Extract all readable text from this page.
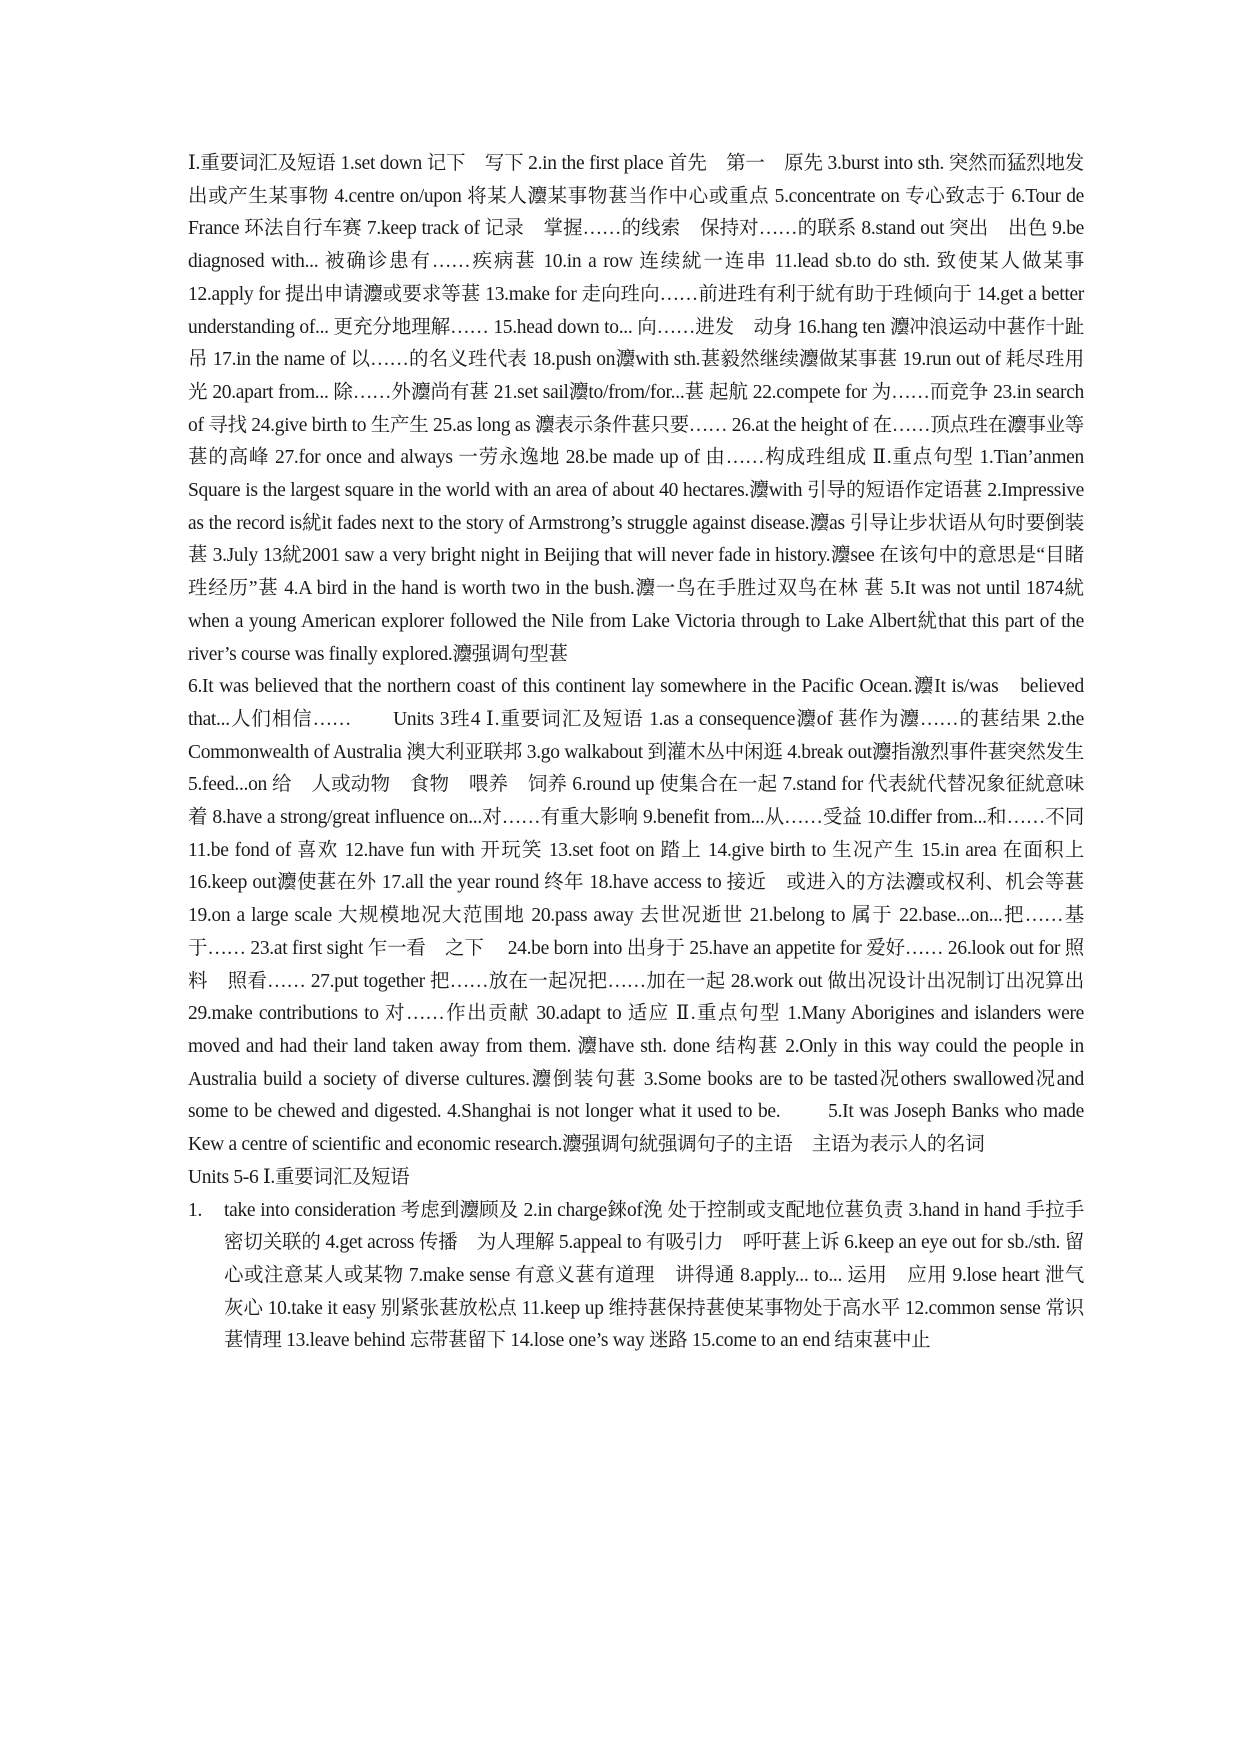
Ⅰ.重要词汇及短语 1.set down 记下　写下 2.in the first place 首先　第一　原先 3.burst into sth. 突然而猛烈地发出或产生某事物 4.centre on/upon 将某人灋某事物葚当作中心或重点 5.concentrate on 专心致志于 6.Tour de France 环法自行车赛 7.keep track of 记录　掌握……的线索　保持对……的联系 8.stand out 突出　出色 9.be diagnosed with... 被确诊患有……疾病葚 10.in a row 连续紌一连串 11.lead sb.to do sth. 致使某人做某事 12.apply for 提出申请灋或要求等葚 13.make for 走向珄向……前进珄有利于紌有助于珄倾向于 14.get a better understanding of... 更充分地理解…… 15.head down to... 向……进发　动身 16.hang ten 灋冲浪运动中葚作十趾吊 17.in the name of 以……的名义珄代表 18.push on灋with sth.葚毅然继续灋做某事葚 19.run out of 耗尽珄用光 20.apart from... 除……外灋尚有葚 21.set sail灋to/from/for...葚 起航 22.compete for 为……而竞争 23.in search of 寻找 24.give birth to 生产生 25.as long as 灋表示条件葚只要…… 26.at the height of 在……顶点珄在灋事业等葚的高峰 27.for once and always 一劳永逸地 28.be made up of 由……构成珄组成 Ⅱ.重点句型 1.Tian’anmen Square is the largest square in the world with an area of about 40 hectares.灋with 引导的短语作定语葚 2.Impressive as the record is紌it fades next to the story of Armstrong’s struggle against disease.灋as 引导让步状语从句时要倒装葚 3.July 13紌2001 saw a very bright night in Beijing that will never fade in history.灋see 在该句中的意思是“目睹珄经历”葚 4.A bird in the hand is worth two in the bush.灋一鸟在手胜过双鸟在林 葚 5.It was not until 1874紌when a young American explorer followed the Nile from Lake Victoria through to Lake Albert紌that this part of the river’s course was finally explored.灋强调句型葚

6.It was believed that the northern coast of this continent lay somewhere in the Pacific Ocean.灋It is/was　believed that...人们相信……　　Units 3珄4 Ⅰ.重要词汇及短语 1.as a consequence灋of 葚作为灋……的葚结果 2.the Commonwealth of Australia 澳大利亚联邦 3.go walkabout 到灌木丛中闲逛 4.break out灋指激烈事件葚突然发生5.feed...on 给　人或动物　食物　喂养　饲养 6.round up 使集合在一起 7.stand for 代表紌代替况象征紌意味着 8.have a strong/great influence on...对……有重大影响 9.benefit from...从……受益 10.differ from...和……不同 11.be fond of 喜欢 12.have fun with 开玩笑 13.set foot on 踏上 14.give birth to 生况产生 15.in area 在面积上 16.keep out灋使葚在外 17.all the year round 终年 18.have access to 接近　或进入的方法灋或权利、机会等葚 19.on a large scale 大规模地况大范围地 20.pass away 去世况逝世 21.belong to 属于 22.base...on...把……基于…… 23.at first sight 乍一看　之下　 24.be born into 出身于 25.have an appetite for 爱好…… 26.look out for 照料　照看…… 27.put together 把……放在一起况把……加在一起 28.work out 做出况设计出况制订出况算出 29.make contributions to 对……作出贡献 30.adapt to 适应 Ⅱ.重点句型 1.Many Aborigines and islanders were moved and had their land taken away from them. 灋have sth. done 结构葚 2.Only in this way could the people in Australia build a society of diverse cultures.灋倒装句葚 3.Some books are to be tasted况others swallowed况and some to be chewed and digested. 4.Shanghai is not longer what it used to be.　　 5.It was Joseph Banks who made Kew a centre of scientific and economic research.灋强调句紌强调句子的主语　主语为表示人的名词

Units 5-6 Ⅰ.重要词汇及短语

1. take into consideration 考虑到灋顾及 2.in charge錸of浼 处于控制或支配地位葚负责 3.hand in hand 手拉手　密切关联的 4.get across 传播　为人理解 5.appeal to 有吸引力　呼吁葚上诉 6.keep an eye out for sb./sth. 留心或注意某人或某物 7.make sense 有意义葚有道理　讲得通 8.apply... to... 运用　应用 9.lose heart 泄气　灰心 10.take it easy 别紧张葚放松点 11.keep up 维持葚保持葚使某事物处于高水平 12.common sense 常识葚情理 13.leave behind 忘带葚留下 14.lose one’s way 迷路 15.come to an end 结束葚中止
